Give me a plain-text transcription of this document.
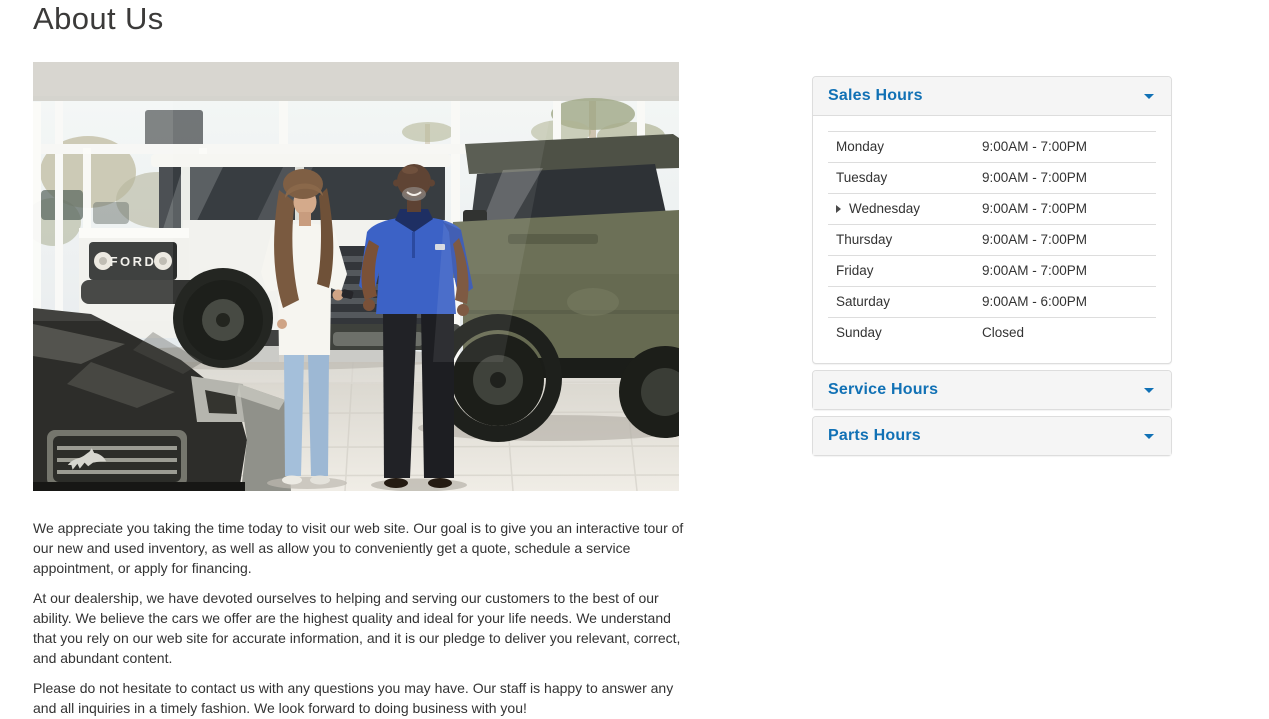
About Us
FORD

We appreciate you taking the time today to visit our web site. Our goal is to give you an interactive tour of our new and used inventory, as well as allow you to conveniently get a quote, schedule a service appointment, or apply for financing.

At our dealership, we have devoted ourselves to helping and serving our customers to the best of our ability. We believe the cars we offer are the highest quality and ideal for your life needs. We understand that you rely on our web site for accurate information, and it is our pledge to deliver you relevant, correct, and abundant content.

Please do not hesitate to contact us with any questions you may have. Our staff is happy to answer any and all inquiries in a timely fashion. We look forward to doing business with you!

Sales Hours
Monday	9:00AM - 7:00PM
Tuesday	9:00AM - 7:00PM
Wednesday	9:00AM - 7:00PM
Thursday	9:00AM - 7:00PM
Friday	9:00AM - 7:00PM
Saturday	9:00AM - 6:00PM
Sunday	Closed
Service Hours
Parts Hours
